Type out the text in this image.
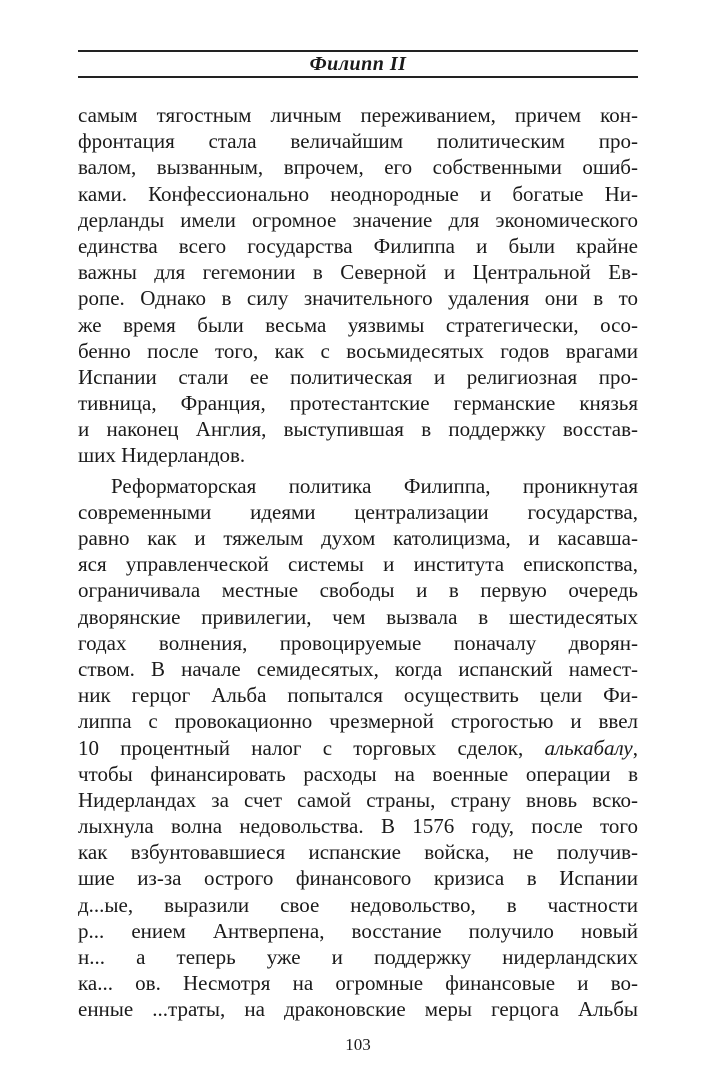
Филипп II
самым тягостным личным переживанием, причем кон-
фронтация стала величайшим политическим про-
валом, вызванным, впрочем, его собственными ошиб-
ками. Конфессионально неоднородные и богатые Ни-
дерланды имели огромное значение для экономического
единства всего государства Филиппа и были крайне
важны для гегемонии в Северной и Центральной Ев-
ропе. Однако в силу значительного удаления они в то
же время были весьма уязвимы стратегически, осо-
бенно после того, как с восьмидесятых годов врагами
Испании стали ее политическая и религиозная про-
тивница, Франция, протестантские германские князья
и наконец Англия, выступившая в поддержку восстав-
ших Нидерландов.
Реформаторская политика Филиппа, проникнутая
современными идеями централизации государства,
равно как и тяжелым духом католицизма, и касавша-
яся управленческой системы и института епископства,
ограничивала местные свободы и в первую очередь
дворянские привилегии, чем вызвала в шестидесятых
годах волнения, провоцируемые поначалу дворян-
ством. В начале семидесятых, когда испанский намест-
ник герцог Альба попытался осуществить цели Фи-
липпа с провокационно чрезмерной строгостью и ввел
10 процентный налог с торговых сделок, алькабалу,
чтобы финансировать расходы на военные операции в
Нидерландах за счет самой страны, страну вновь вско-
лыхнула волна недовольства. В 1576 году, после того
как взбунтовавшиеся испанские войска, не получив-
шие из-за острого финансового кризиса в Испании
д...ые, выразили свое недовольство, в частности
р... ением Антверпена, восстание получило новый
н... а теперь уже и поддержку нидерландских
ка... ов. Несмотря на огромные финансовые и во-
енные ...траты, на драконовские меры герцога Альбы
103
